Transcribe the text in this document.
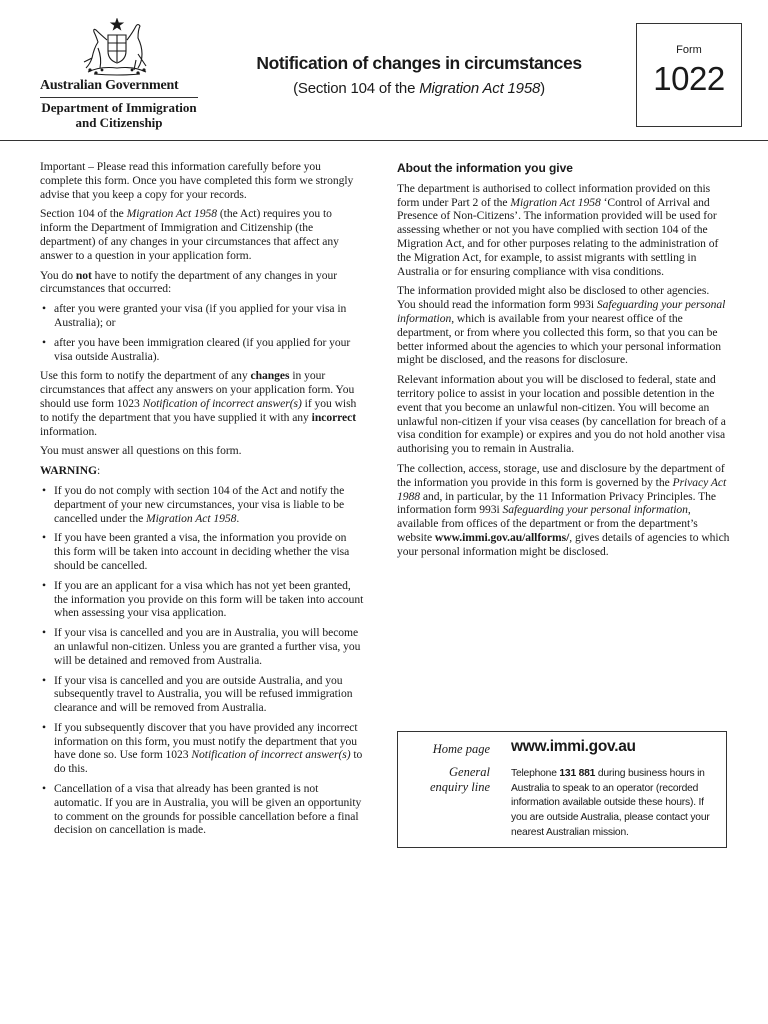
Australian Government
Department of Immigration and Citizenship
Notification of changes in circumstances
(Section 104 of the Migration Act 1958)
Form
1022

Important – Please read this information carefully before you complete this form. Once you have completed this form we strongly advise that you keep a copy for your records.

Section 104 of the Migration Act 1958 (the Act) requires you to inform the Department of Immigration and Citizenship (the department) of any changes in your circumstances that affect any answer to a question in your application form.

You do not have to notify the department of any changes in your circumstances that occurred:

• after you were granted your visa (if you applied for your visa in Australia); or
• after you have been immigration cleared (if you applied for your visa outside Australia).

Use this form to notify the department of any changes in your circumstances that affect any answers on your application form. You should use form 1023 Notification of incorrect answer(s) if you wish to notify the department that you have supplied it with any incorrect information.

You must answer all questions on this form.

WARNING:

• If you do not comply with section 104 of the Act and notify the department of your new circumstances, your visa is liable to be cancelled under the Migration Act 1958.
• If you have been granted a visa, the information you provide on this form will be taken into account in deciding whether the visa should be cancelled.
• If you are an applicant for a visa which has not yet been granted, the information you provide on this form will be taken into account when assessing your visa application.
• If your visa is cancelled and you are in Australia, you will become an unlawful non-citizen. Unless you are granted a further visa, you will be detained and removed from Australia.
• If your visa is cancelled and you are outside Australia, and you subsequently travel to Australia, you will be refused immigration clearance and will be removed from Australia.
• If you subsequently discover that you have provided any incorrect information on this form, you must notify the department that you have done so. Use form 1023 Notification of incorrect answer(s) to do this.
• Cancellation of a visa that already has been granted is not automatic. If you are in Australia, you will be given an opportunity to comment on the grounds for possible cancellation before a final decision on cancellation is made.

About the information you give

The department is authorised to collect information provided on this form under Part 2 of the Migration Act 1958 ‘Control of Arrival and Presence of Non-Citizens’. The information provided will be used for assessing whether or not you have complied with section 104 of the Migration Act, and for other purposes relating to the administration of the Migration Act, for example, to assist migrants with settling in Australia or for ensuring compliance with visa conditions.

The information provided might also be disclosed to other agencies. You should read the information form 993i Safeguarding your personal information, which is available from your nearest office of the department, or from where you collected this form, so that you can be better informed about the agencies to which your personal information might be disclosed, and the reasons for disclosure.

Relevant information about you will be disclosed to federal, state and territory police to assist in your location and possible detention in the event that you become an unlawful non-citizen. You will become an unlawful non-citizen if your visa ceases (by cancellation for breach of a visa condition for example) or expires and you do not hold another visa authorising you to remain in Australia.

The collection, access, storage, use and disclosure by the department of the information you provide in this form is governed by the Privacy Act 1988 and, in particular, by the 11 Information Privacy Principles. The information form 993i Safeguarding your personal information, available from offices of the department or from the department’s website www.immi.gov.au/allforms/, gives details of agencies to which your personal information might be disclosed.

Home page www.immi.gov.au
General
enquiry line
Telephone 131 881 during business hours in Australia to speak to an operator (recorded information available outside these hours). If you are outside Australia, please contact your nearest Australian mission.
